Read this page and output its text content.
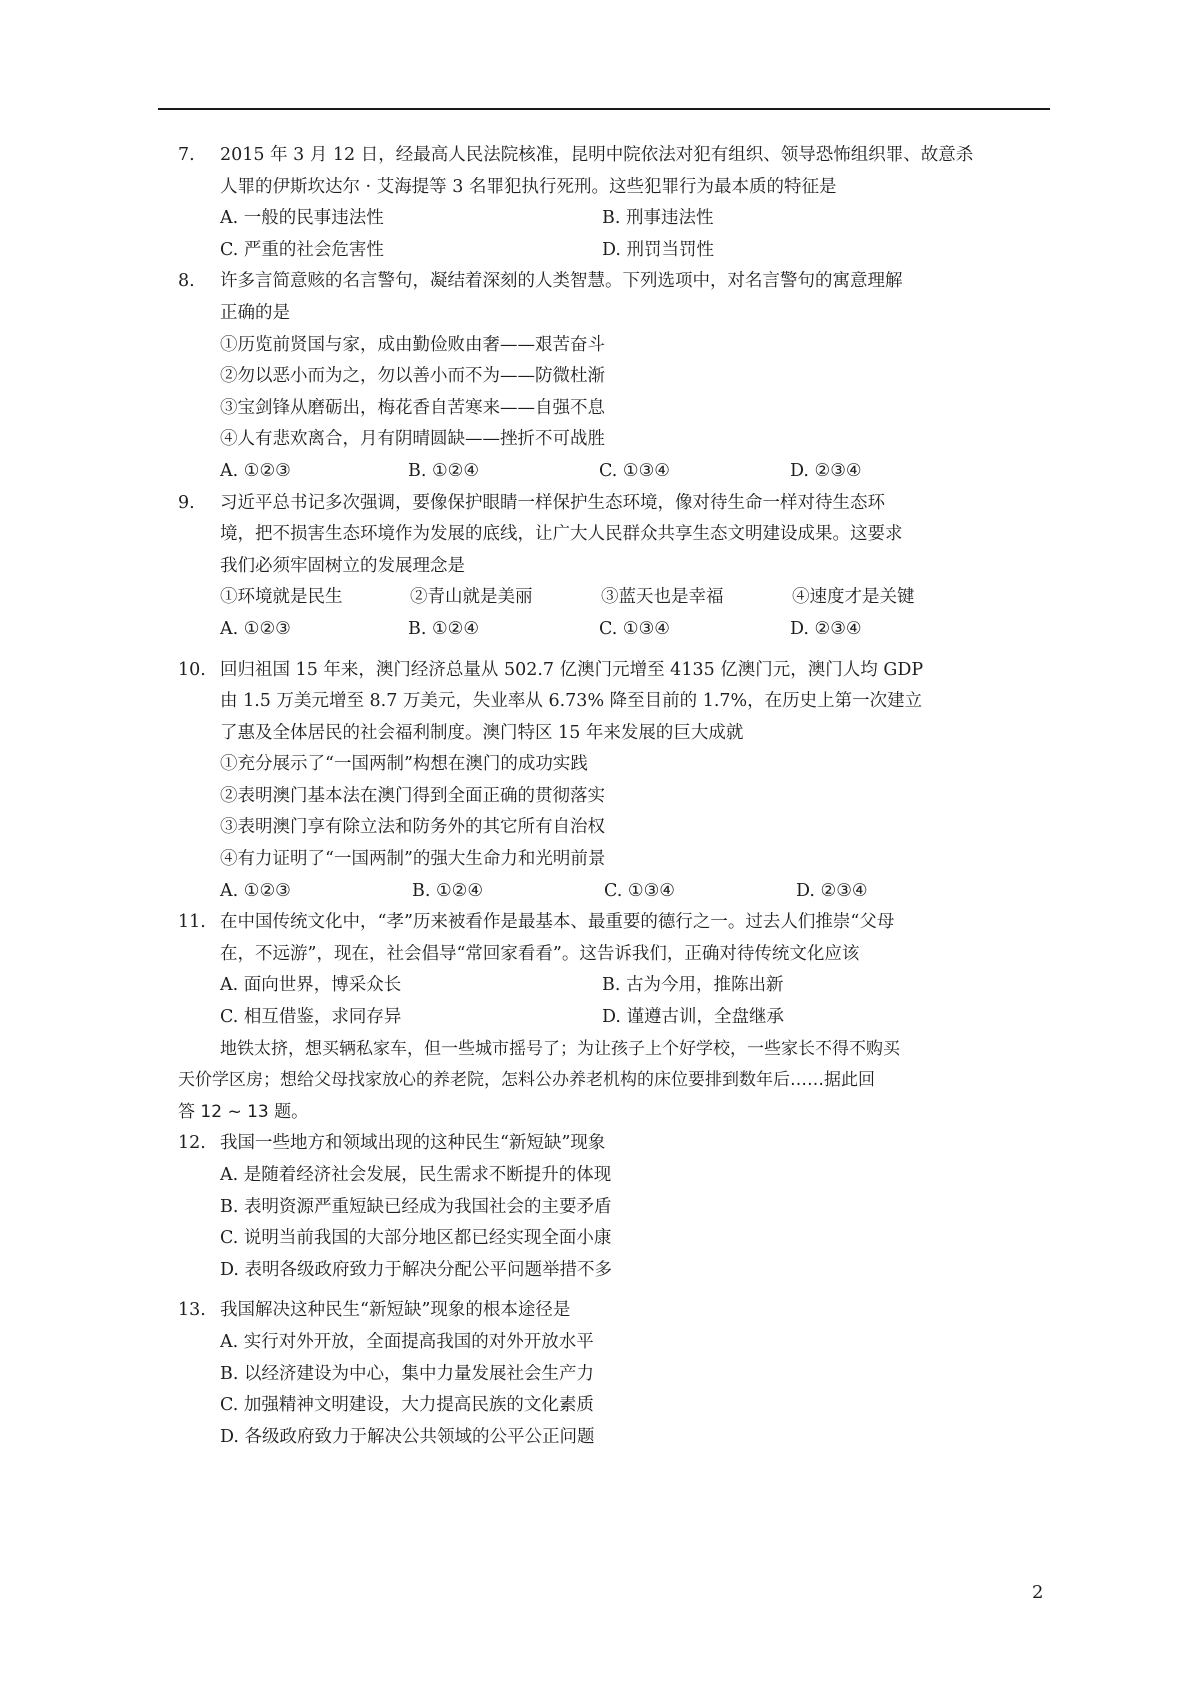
7. 2015 年 3 月 12 日，经最高人民法院核准，昆明中院依法对犯有组织、领导恐怖组织罪、故意杀
人罪的伊斯坎达尔 · 艾海提等 3 名罪犯执行死刑。这些犯罪行为最本质的特征是
A. 一般的民事违法性	B. 刑事违法性
C. 严重的社会危害性	D. 刑罚当罚性
8. 许多言简意赅的名言警句，凝结着深刻的人类智慧。下列选项中，对名言警句的寓意理解
正确的是
①历览前贤国与家，成由勤俭败由奢——艰苦奋斗
②勿以恶小而为之，勿以善小而不为——防微杜渐
③宝剑锋从磨砺出，梅花香自苦寒来——自强不息
④人有悲欢离合，月有阴晴圆缺——挫折不可战胜
A. ①②③	B. ①②④	C. ①③④	D. ②③④
9. 习近平总书记多次强调，要像保护眼睛一样保护生态环境，像对待生命一样对待生态环
境，把不损害生态环境作为发展的底线，让广大人民群众共享生态文明建设成果。这要求
我们必须牢固树立的发展理念是
①环境就是民生	②青山就是美丽	③蓝天也是幸福	④速度才是关键
A. ①②③	B. ①②④	C. ①③④	D. ②③④
10. 回归祖国 15 年来，澳门经济总量从 502.7 亿澳门元增至 4135 亿澳门元，澳门人均 GDP
由 1.5 万美元增至 8.7 万美元，失业率从 6.73% 降至目前的 1.7%，在历史上第一次建立
了惠及全体居民的社会福利制度。澳门特区 15 年来发展的巨大成就
①充分展示了“一国两制”构想在澳门的成功实践
②表明澳门基本法在澳门得到全面正确的贯彻落实
③表明澳门享有除立法和防务外的其它所有自治权
④有力证明了“一国两制”的强大生命力和光明前景
A. ①②③	B. ①②④	C. ①③④	D. ②③④
11. 在中国传统文化中，“孝”历来被看作是最基本、最重要的德行之一。过去人们推崇“父母
在，不远游”，现在，社会倡导“常回家看看”。这告诉我们，正确对待传统文化应该
A. 面向世界，博采众长	B. 古为今用，推陈出新
C. 相互借鉴，求同存异	D. 谨遵古训，全盘继承
地铁太挤，想买辆私家车，但一些城市摇号了；为让孩子上个好学校，一些家长不得不购买
天价学区房；想给父母找家放心的养老院，怎料公办养老机构的床位要排到数年后……据此回
答 12 ~ 13 题。
12. 我国一些地方和领域出现的这种民生“新短缺”现象
A. 是随着经济社会发展，民生需求不断提升的体现
B. 表明资源严重短缺已经成为我国社会的主要矛盾
C. 说明当前我国的大部分地区都已经实现全面小康
D. 表明各级政府致力于解决分配公平问题举措不多
13. 我国解决这种民生“新短缺”现象的根本途径是
A. 实行对外开放，全面提高我国的对外开放水平
B. 以经济建设为中心，集中力量发展社会生产力
C. 加强精神文明建设，大力提高民族的文化素质
D. 各级政府致力于解决公共领域的公平公正问题
2
